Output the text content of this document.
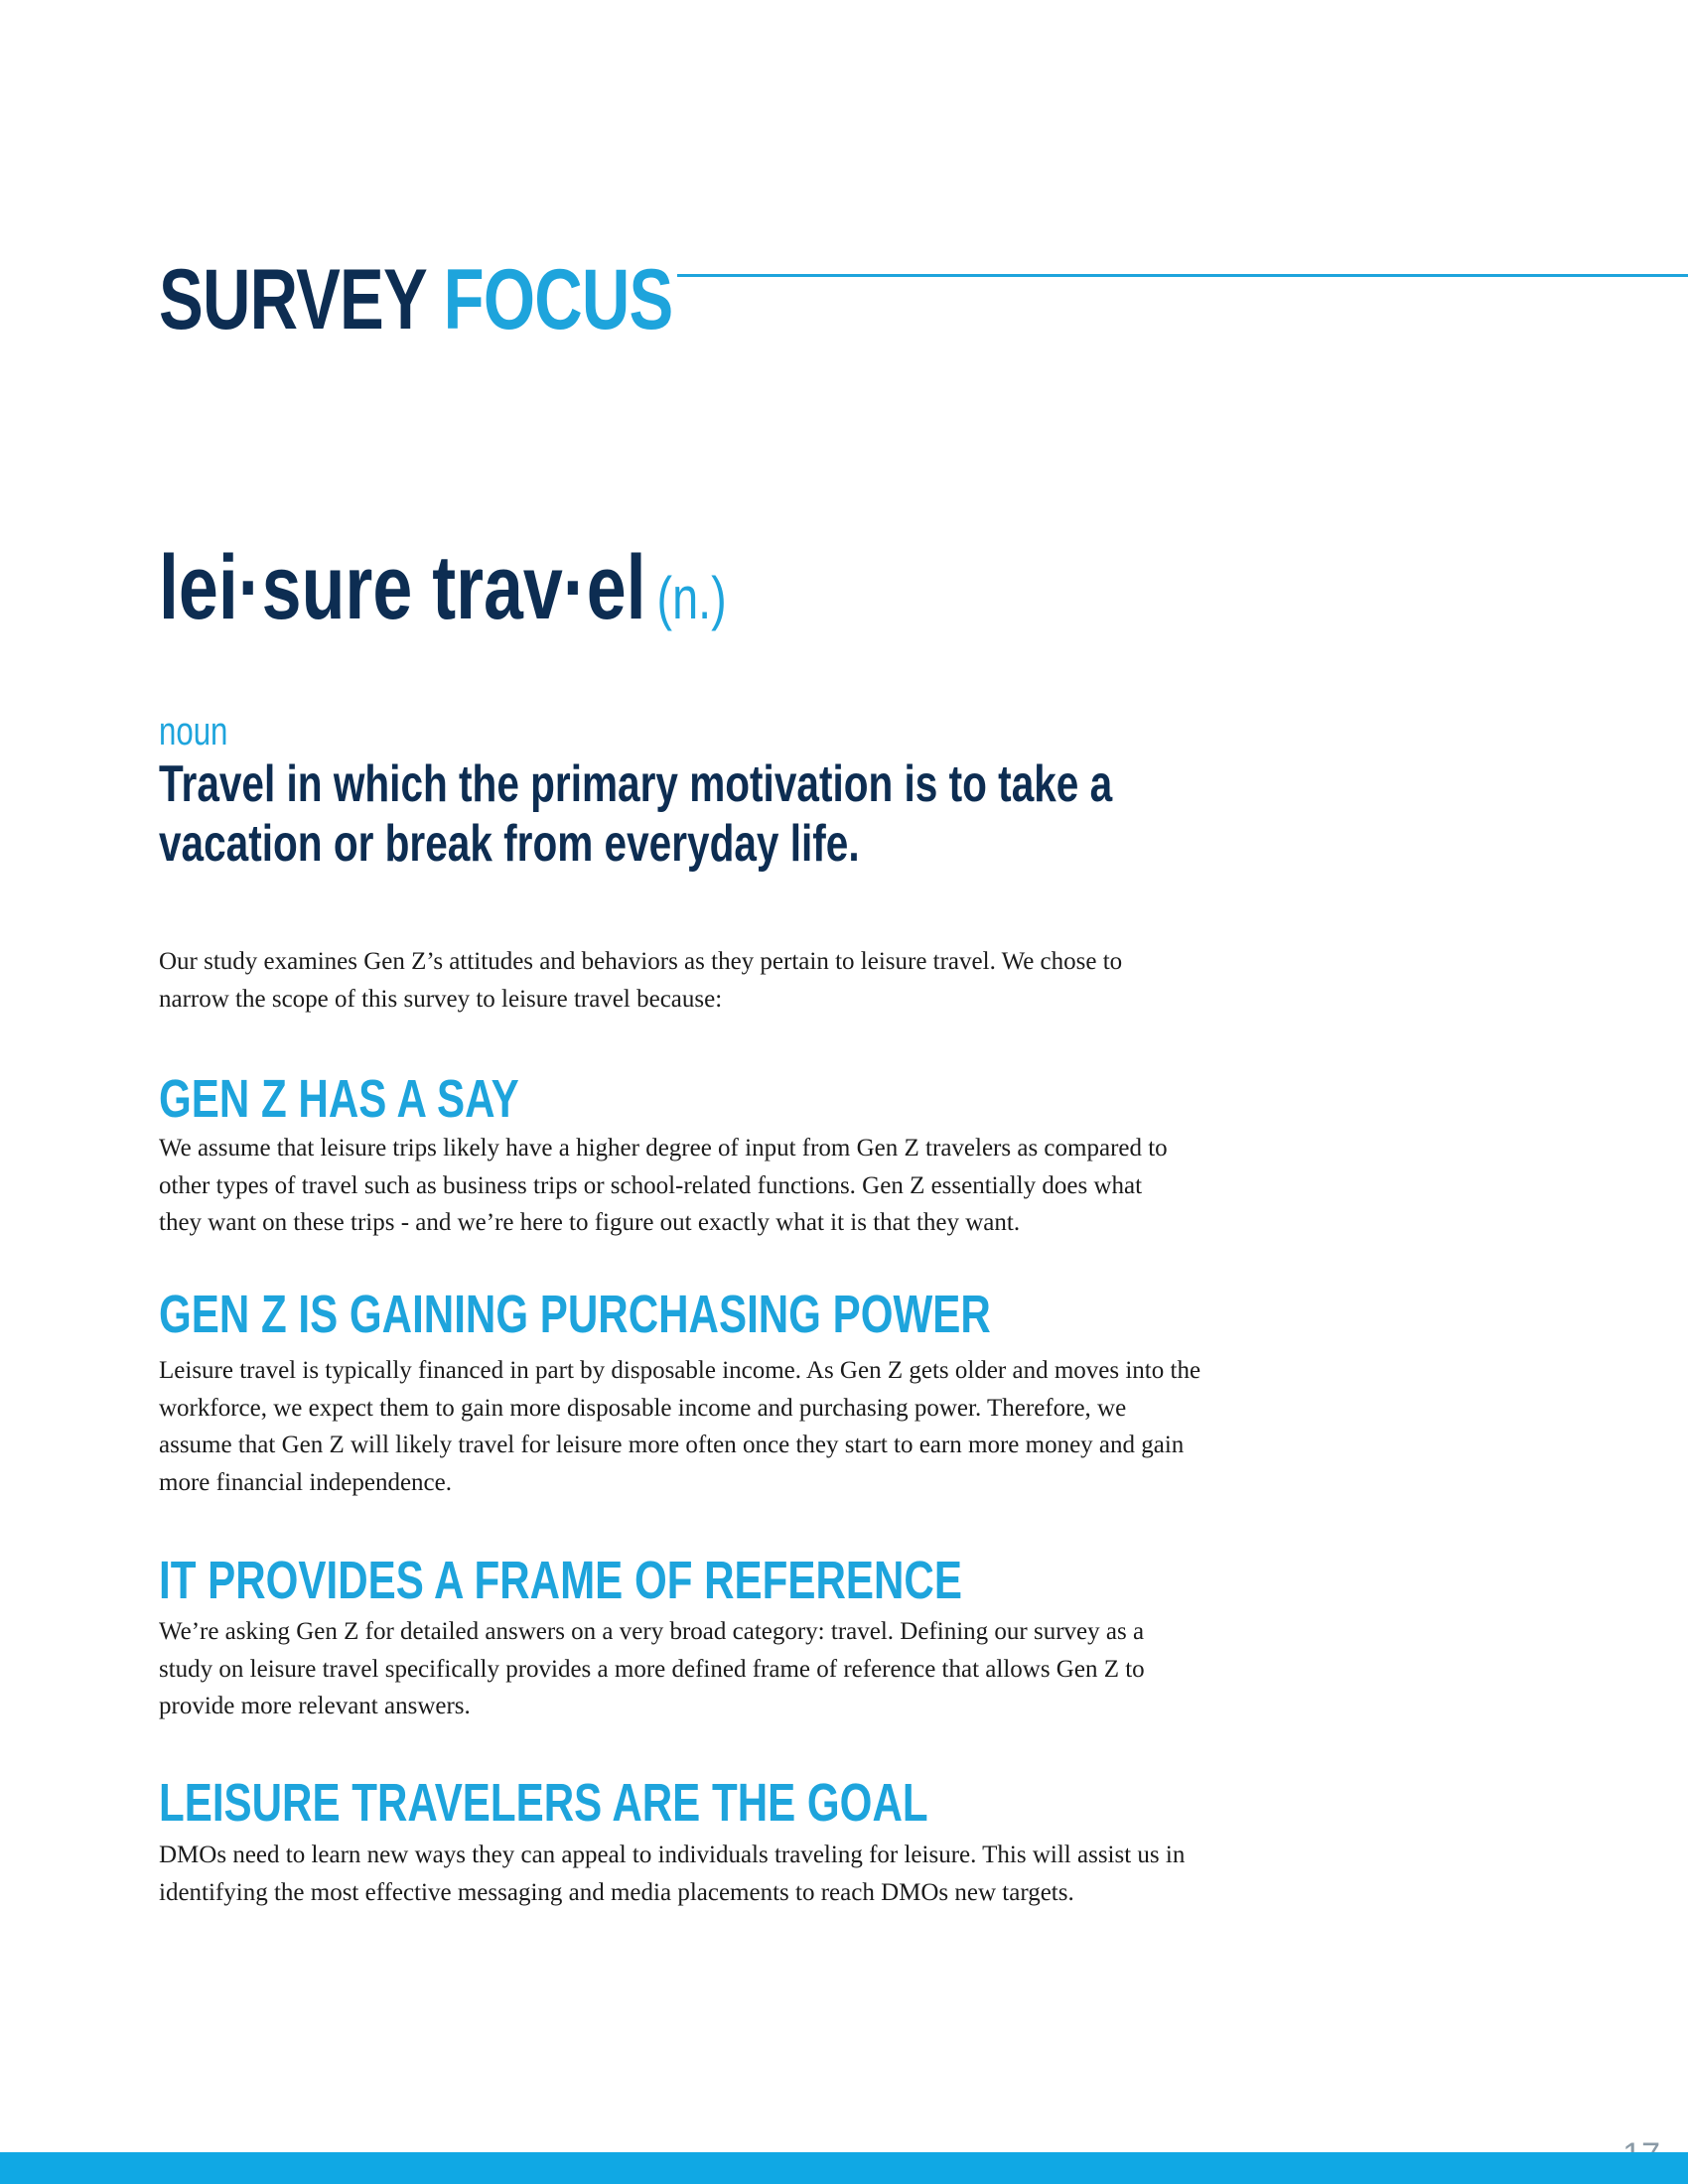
SURVEY FOCUS
lei·sure trav·el (n.)
noun
Travel in which the primary motivation is to take a
vacation or break from everyday life.

Our study examines Gen Z’s attitudes and behaviors as they pertain to leisure travel. We chose to
narrow the scope of this survey to leisure travel because:

GEN Z HAS A SAY

We assume that leisure trips likely have a higher degree of input from Gen Z travelers as compared to
other types of travel such as business trips or school-related functions. Gen Z essentially does what
they want on these trips - and we’re here to figure out exactly what it is that they want.

GEN Z IS GAINING PURCHASING POWER

Leisure travel is typically financed in part by disposable income. As Gen Z gets older and moves into the
workforce, we expect them to gain more disposable income and purchasing power. Therefore, we
assume that Gen Z will likely travel for leisure more often once they start to earn more money and gain
more financial independence.

IT PROVIDES A FRAME OF REFERENCE

We’re asking Gen Z for detailed answers on a very broad category: travel. Defining our survey as a
study on leisure travel specifically provides a more defined frame of reference that allows Gen Z to
provide more relevant answers.

LEISURE TRAVELERS ARE THE GOAL

DMOs need to learn new ways they can appeal to individuals traveling for leisure. This will assist us in
identifying the most effective messaging and media placements to reach DMOs new targets.
